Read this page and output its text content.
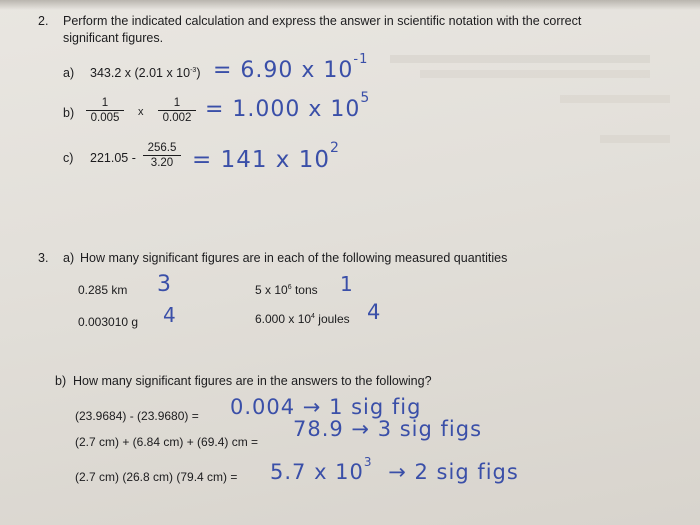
2. Perform the indicated calculation and express the answer in scientific notation with the correct
significant figures.
a) 343.2 x (2.01 x $10^{-3}) = 6.90$ x $10^{-1}$
b)
1
0.005	x
1
0.002 = 1.000 x $10^5$
c) 221.05 -
256.5
3.20 = 141 x $10^2$
3. a) How many significant figures are in each of the following measured quantities
0.285 km 3
0.003010 g 4
5 x $10^6$ tons 1
6.000 x $10^4$ joules 4
b) How many significant figures are in the answers to the following?
(23.9684) - (23.9680) = 0.004 → 1 sig fig
(2.7 cm) + (6.84 cm) + (69.4) cm =
78.9 → 3 sig figs
(2.7 cm) (26.8 cm) (79.4 cm) = 5.7 x $10^3 \to 2$ sig figs
